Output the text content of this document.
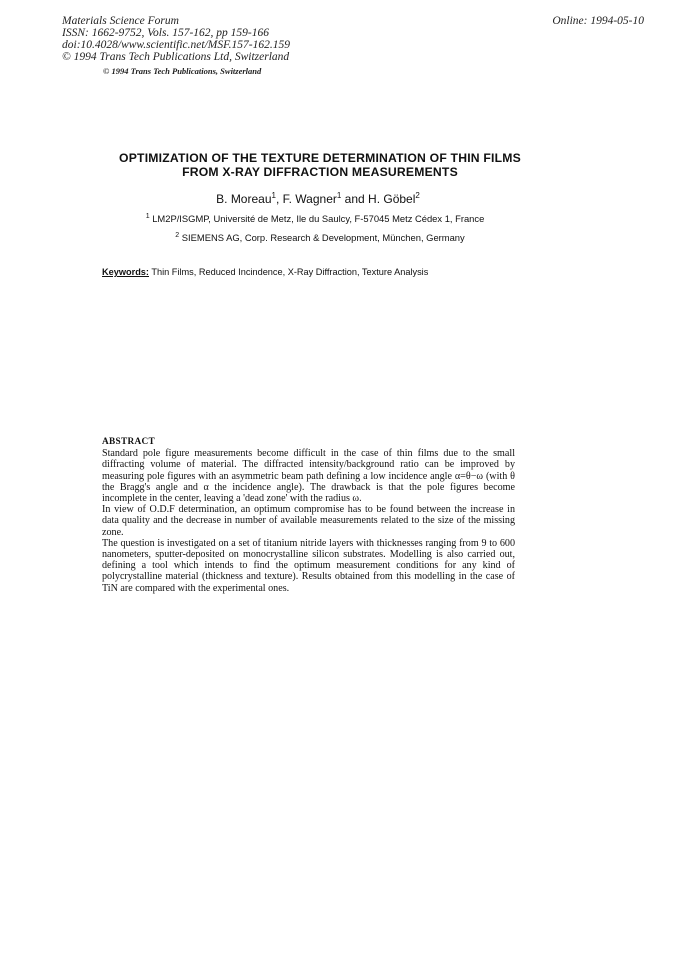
Materials Science Forum
ISSN: 1662-9752, Vols. 157-162, pp 159-166
doi:10.4028/www.scientific.net/MSF.157-162.159
© 1994 Trans Tech Publications Ltd, Switzerland
Online: 1994-05-10
© 1994 Trans Tech Publications, Switzerland
OPTIMIZATION OF THE TEXTURE DETERMINATION OF THIN FILMS
FROM X-RAY DIFFRACTION MEASUREMENTS
B. Moreau$^1$, F. Wagner$^1$ and H. Göbel$^2$
$^1$ LM2P/ISGMP, Université de Metz, Ile du Saulcy, F-57045 Metz Cédex 1, France
$^2$ SIEMENS AG, Corp. Research & Development, München, Germany
Keywords: Thin Films, Reduced Incindence, X-Ray Diffraction, Texture Analysis
ABSTRACT

Standard pole figure measurements become difficult in the case of thin films due to the small diffracting volume of material. The diffracted intensity/background ratio can be improved by measuring pole figures with an asymmetric beam path defining a low incidence angle α=θ−ω (with θ the Bragg's angle and α the incidence angle). The drawback is that the pole figures become incomplete in the center, leaving a 'dead zone' with the radius ω.

In view of O.D.F determination, an optimum compromise has to be found between the increase in data quality and the decrease in number of available measurements related to the size of the missing zone.

The question is investigated on a set of titanium nitride layers with thicknesses ranging from 9 to 600 nanometers, sputter-deposited on monocrystalline silicon substrates. Modelling is also carried out, defining a tool which intends to find the optimum measurement conditions for any kind of polycrystalline material (thickness and texture). Results obtained from this modelling in the case of TiN are compared with the experimental ones.
